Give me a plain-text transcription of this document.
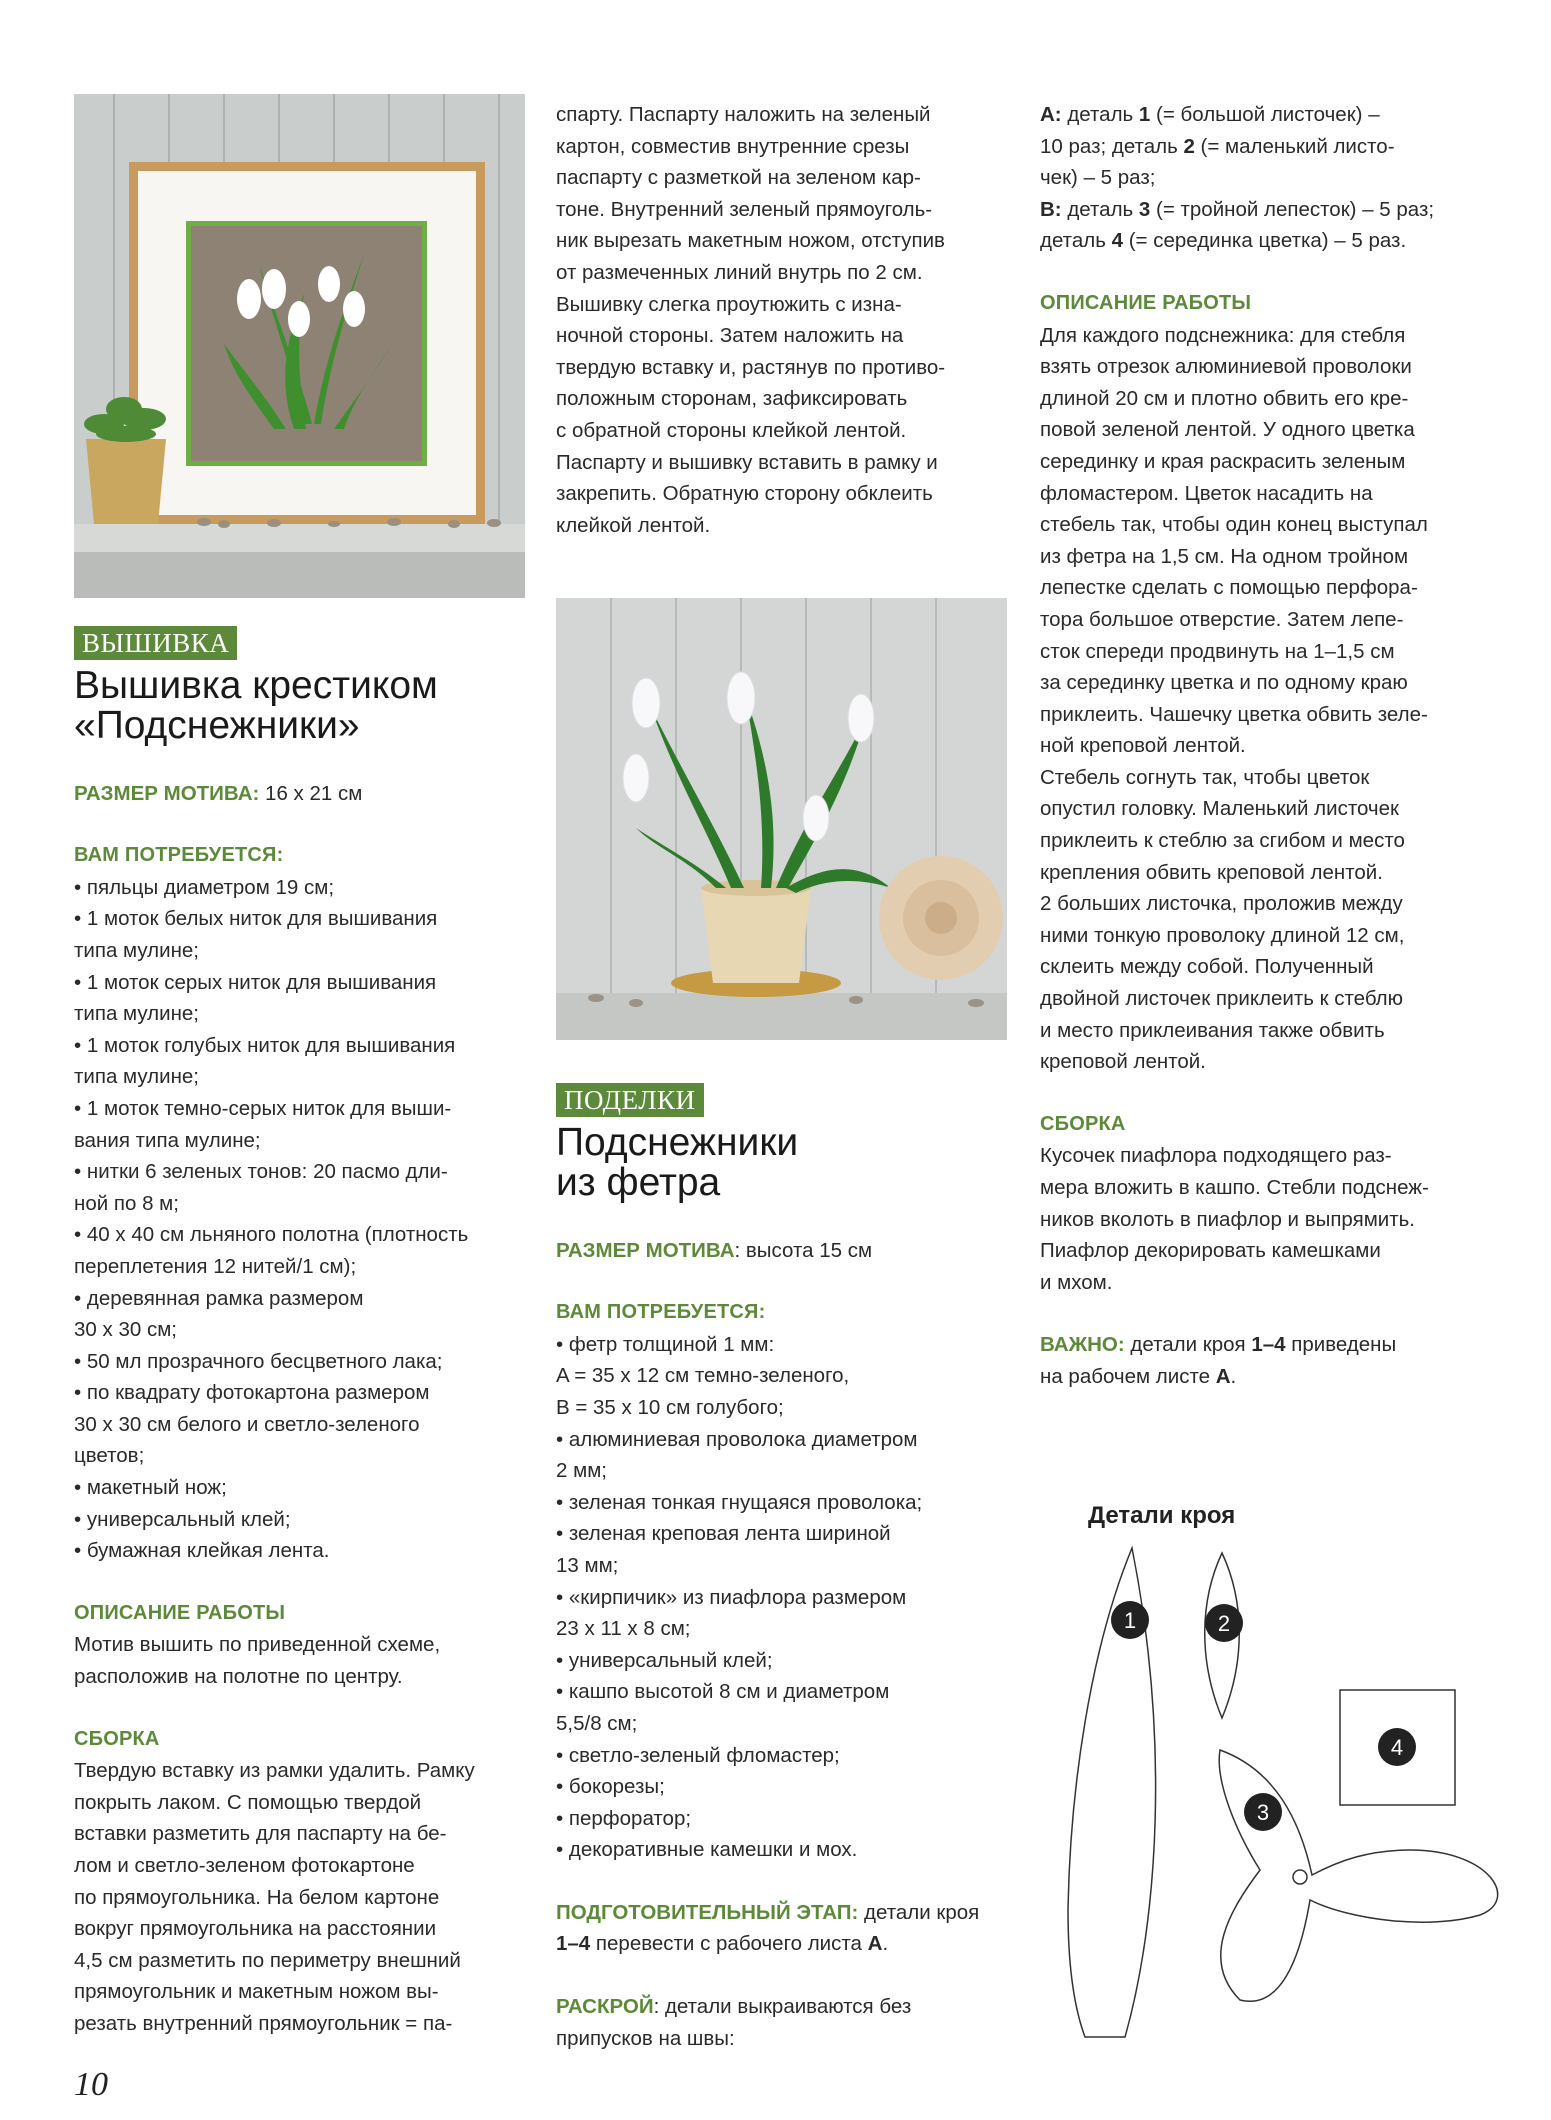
ВЫШИВКА
Вышивка крестиком
«Подснежники»

РАЗМЕР МОТИВА: 16 х 21 см

ВАМ ПОТРЕБУЕТСЯ:

• пяльцы диаметром 19 см;
• 1 моток белых ниток для вышивания
типа мулине;
• 1 моток серых ниток для вышивания
типа мулине;
• 1 моток голубых ниток для вышивания
типа мулине;
• 1 моток темно-серых ниток для выши-
вания типа мулине;
• нитки 6 зеленых тонов: 20 пасмо дли-
ной по 8 м;
• 40 х 40 см льняного полотна (плотность
переплетения 12 нитей/1 см);
• деревянная рамка размером
30 х 30 см;
• 50 мл прозрачного бесцветного лака;
• по квадрату фотокартона размером
30 х 30 см белого и светло-зеленого
цветов;
• макетный нож;
• универсальный клей;
• бумажная клейкая лента.

ОПИСАНИЕ РАБОТЫ

Мотив вышить по приведенной схеме,
расположив на полотне по центру.

СБОРКА

Твердую вставку из рамки удалить. Рамку
покрыть лаком. С помощью твердой
вставки разметить для паспарту на бе-
лом и светло-зеленом фотокартоне
по прямоугольника. На белом картоне
вокруг прямоугольника на расстоянии
4,5 см разметить по периметру внешний
прямоугольник и макетным ножом вы-
резать внутренний прямоугольник = па-
спарту. Паспарту наложить на зеленый
картон, совместив внутренние срезы
паспарту с разметкой на зеленом кар-
тоне. Внутренний зеленый прямоуголь-
ник вырезать макетным ножом, отступив
от размеченных линий внутрь по 2 см.
Вышивку слегка проутюжить с изна-
ночной стороны. Затем наложить на
твердую вставку и, растянув по противо-
положным сторонам, зафиксировать
с обратной стороны клейкой лентой.
Паспарту и вышивку вставить в рамку и
закрепить. Обратную сторону обклеить
клейкой лентой.
ПОДЕЛКИ
Подснежники
из фетра

РАЗМЕР МОТИВА: высота 15 см

ВАМ ПОТРЕБУЕТСЯ:

• фетр толщиной 1 мм:
A = 35 х 12 см темно-зеленого,
B = 35 х 10 см голубого;
• алюминиевая проволока диаметром
2 мм;
• зеленая тонкая гнущаяся проволока;
• зеленая креповая лента шириной
13 мм;
• «кирпичик» из пиафлора размером
23 х 11 х 8 см;
• универсальный клей;
• кашпо высотой 8 см и диаметром
5,5/8 см;
• светло-зеленый фломастер;
• бокорезы;
• перфоратор;
• декоративные камешки и мох.

ПОДГОТОВИТЕЛЬНЫЙ ЭТАП: детали кроя
1–4 перевести с рабочего листа A.

РАСКРОЙ: детали выкраиваются без
припусков на швы:

A: деталь 1 (= большой листочек) –
10 раз; деталь 2 (= маленький листо-
чек) – 5 раз;
B: деталь 3 (= тройной лепесток) – 5 раз;
деталь 4 (= серединка цветка) – 5 раз.

ОПИСАНИЕ РАБОТЫ

Для каждого подснежника: для стебля
взять отрезок алюминиевой проволоки
длиной 20 см и плотно обвить его кре-
повой зеленой лентой. У одного цветка
серединку и края раскрасить зеленым
фломастером. Цветок насадить на
стебель так, чтобы один конец выступал
из фетра на 1,5 см. На одном тройном
лепестке сделать с помощью перфора-
тора большое отверстие. Затем лепе-
сток спереди продвинуть на 1–1,5 см
за серединку цветка и по одному краю
приклеить. Чашечку цветка обвить зеле-
ной креповой лентой.
Стебель согнуть так, чтобы цветок
опустил головку. Маленький листочек
приклеить к стеблю за сгибом и место
крепления обвить креповой лентой.
2 больших листочка, проложив между
ними тонкую проволоку длиной 12 см,
склеить между собой. Полученный
двойной листочек приклеить к стеблю
и место приклеивания также обвить
креповой лентой.

СБОРКА

Кусочек пиафлора подходящего раз-
мера вложить в кашпо. Стебли подснеж-
ников вколоть в пиафлор и выпрямить.
Пиафлор декорировать камешками
и мхом.

ВАЖНО: детали кроя 1–4 приведены
на рабочем листе A.

Детали кроя
1	2
3
4
10
